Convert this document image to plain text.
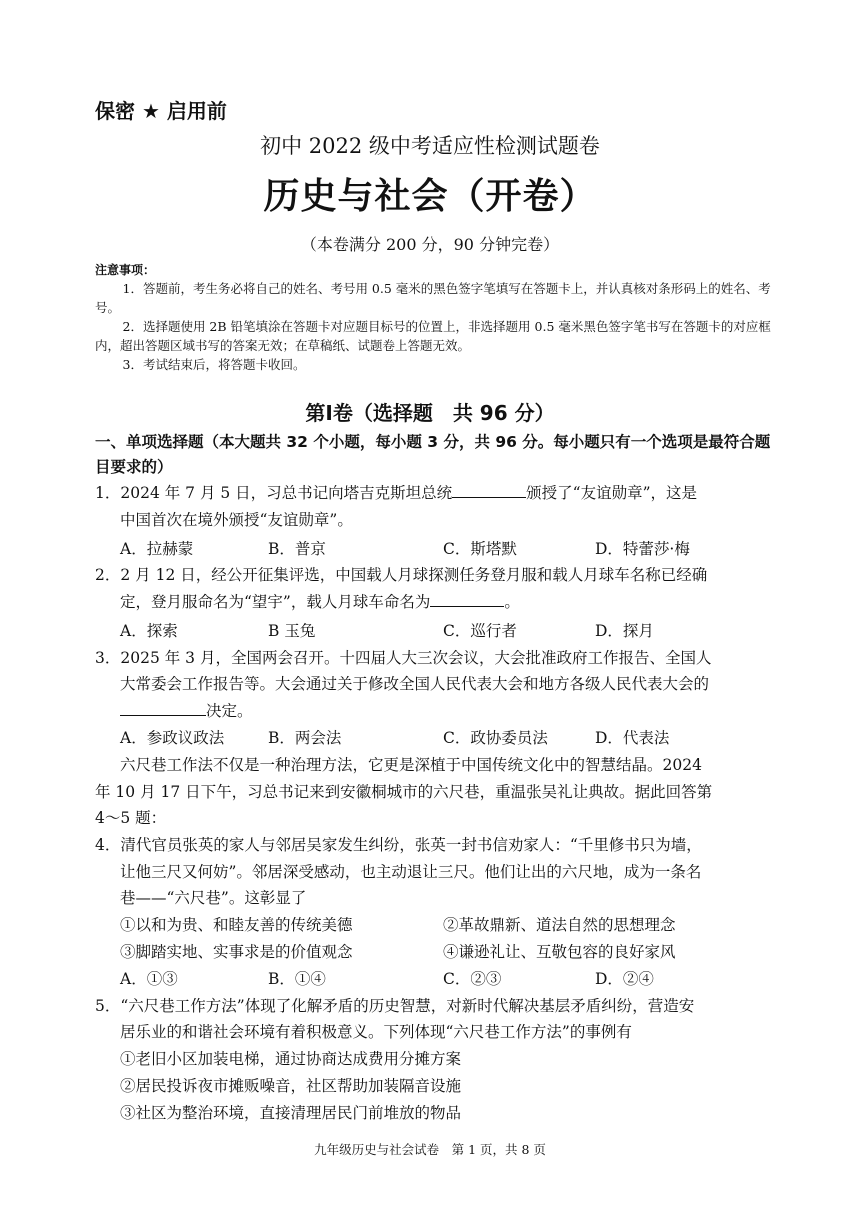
保密 ★ 启用前
初中 2022 级中考适应性检测试题卷
历史与社会（开卷）
（本卷满分 200 分，90 分钟完卷）
注意事项：
1．答题前，考生务必将自己的姓名、考号用 0.5 毫米的黑色签字笔填写在答题卡上，并认真核对条形码上的姓名、考号。
2．选择题使用 2B 铅笔填涂在答题卡对应题目标号的位置上，非选择题用 0.5 毫米黑色签字笔书写在答题卡的对应框内，超出答题区域书写的答案无效；在草稿纸、试题卷上答题无效。
3．考试结束后，将答题卡收回。
第Ⅰ卷（选择题　共 96 分）
一、单项选择题（本大题共 32 个小题，每小题 3 分，共 96 分。每小题只有一个选项是最符合题目要求的）
1．2024 年 7 月 5 日，习总书记向塔吉克斯坦总统	颁授了“友谊勋章”，这是
中国首次在境外颁授“友谊勋章”。
A．拉赫蒙	B．普京	C．斯塔默	D．特蕾莎·梅
2．2 月 12 日，经公开征集评选，中国载人月球探测任务登月服和载人月球车名称已经确
定，登月服命名为“望宇”，载人月球车命名为	。
A．探索	B 玉兔	C．巡行者	D．探月
3．2025 年 3 月，全国两会召开。十四届人大三次会议，大会批准政府工作报告、全国人
大常委会工作报告等。大会通过关于修改全国人民代表大会和地方各级人民代表大会的
决定。
A．参政议政法	B．两会法	C．政协委员法	D．代表法
六尺巷工作法不仅是一种治理方法，它更是深植于中国传统文化中的智慧结晶。2024
年 10 月 17 日下午，习总书记来到安徽桐城市的六尺巷，重温张吴礼让典故。据此回答第
4～5 题：
4．清代官员张英的家人与邻居吴家发生纠纷，张英一封书信劝家人：“千里修书只为墙，
让他三尺又何妨”。邻居深受感动，也主动退让三尺。他们让出的六尺地，成为一条名
巷——“六尺巷”。这彰显了
①以和为贵、和睦友善的传统美德	②革故鼎新、道法自然的思想理念
③脚踏实地、实事求是的价值观念	④谦逊礼让、互敬包容的良好家风
A．①③	B．①④	C．②③	D．②④
5．“六尺巷工作方法”体现了化解矛盾的历史智慧，对新时代解决基层矛盾纠纷，营造安
居乐业的和谐社会环境有着积极意义。下列体现“六尺巷工作方法”的事例有
①老旧小区加装电梯，通过协商达成费用分摊方案
②居民投诉夜市摊贩噪音，社区帮助加装隔音设施
③社区为整治环境，直接清理居民门前堆放的物品
九年级历史与社会试卷　第 1 页，共 8 页
